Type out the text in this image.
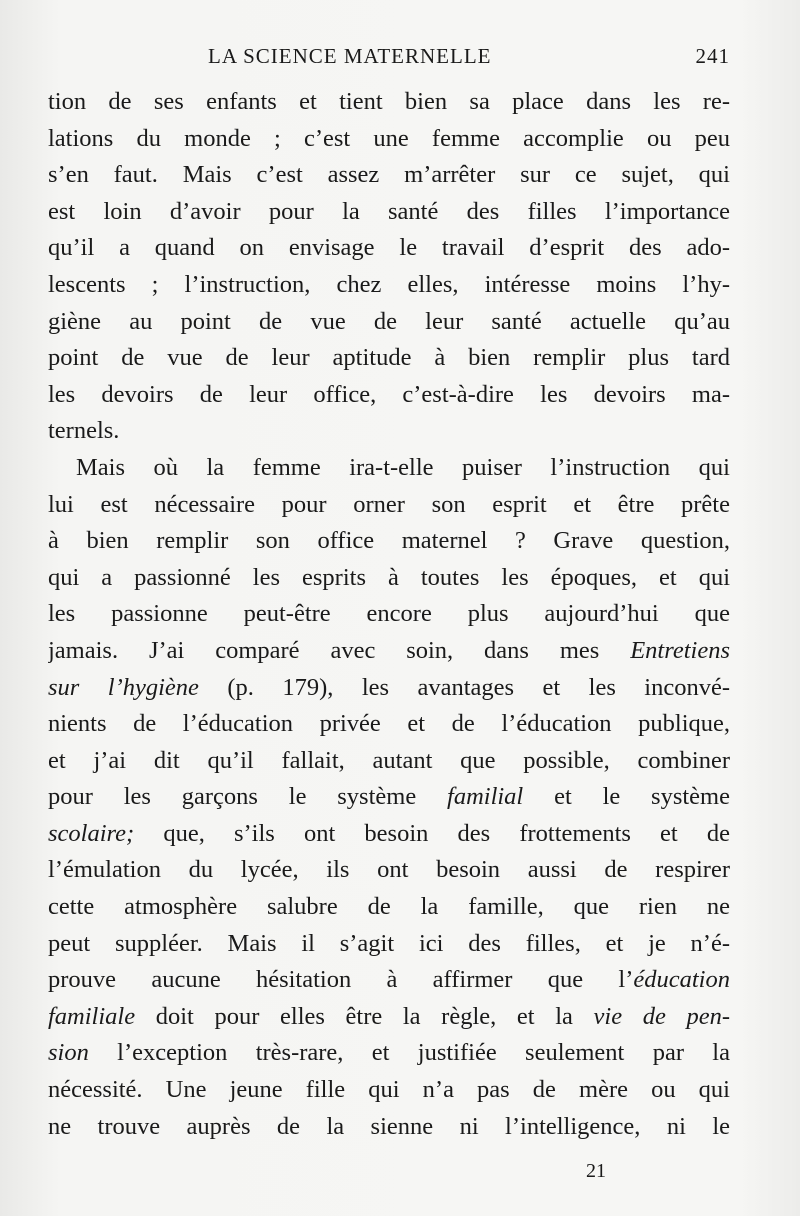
LA SCIENCE MATERNELLE	241
tion de ses enfants et tient bien sa place dans les re-
lations du monde ; c’est une femme accomplie ou peu
s’en faut. Mais c’est assez m’arrêter sur ce sujet, qui
est loin d’avoir pour la santé des filles l’importance
qu’il a quand on envisage le travail d’esprit des ado-
lescents ; l’instruction, chez elles, intéresse moins l’hy-
giène au point de vue de leur santé actuelle qu’au
point de vue de leur aptitude à bien remplir plus tard
les devoirs de leur office, c’est-à-dire les devoirs ma-
ternels.
Mais où la femme ira-t-elle puiser l’instruction qui
lui est nécessaire pour orner son esprit et être prête
à bien remplir son office maternel ? Grave question,
qui a passionné les esprits à toutes les époques, et qui
les passionne peut-être encore plus aujourd’hui que
jamais. J’ai comparé avec soin, dans mes Entretiens
sur l’hygiène (p. 179), les avantages et les inconvé-
nients de l’éducation privée et de l’éducation publique,
et j’ai dit qu’il fallait, autant que possible, combiner
pour les garçons le système familial et le système
scolaire; que, s’ils ont besoin des frottements et de
l’émulation du lycée, ils ont besoin aussi de respirer
cette atmosphère salubre de la famille, que rien ne
peut suppléer. Mais il s’agit ici des filles, et je n’é-
prouve aucune hésitation à affirmer que l’éducation
familiale doit pour elles être la règle, et la vie de pen-
sion l’exception très-rare, et justifiée seulement par la
nécessité. Une jeune fille qui n’a pas de mère ou qui
ne trouve auprès de la sienne ni l’intelligence, ni le
21
